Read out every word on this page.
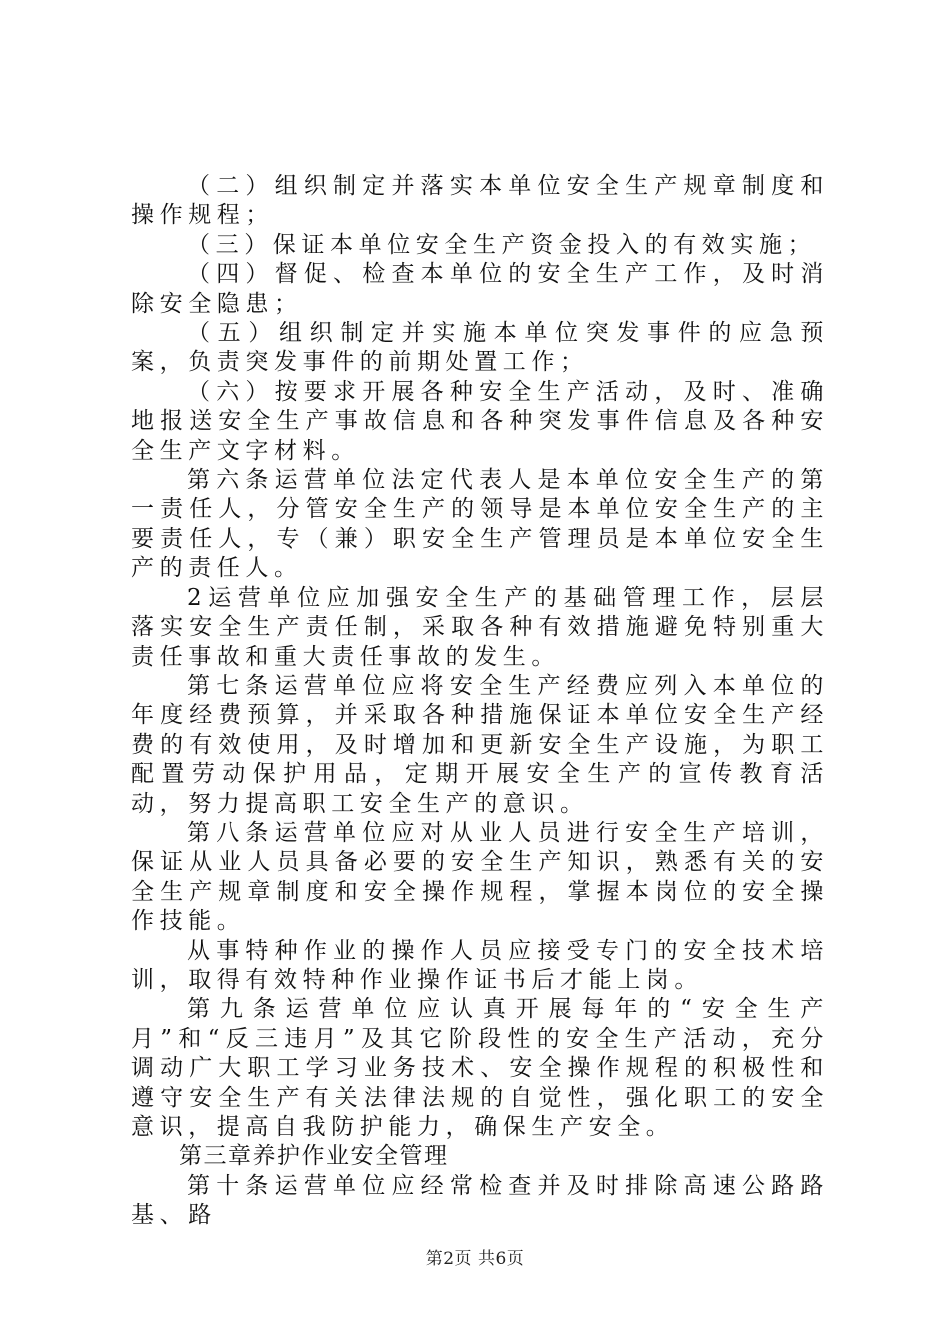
（二）组织制定并落实本单位安全生产规章制度和操作规程；

（三）保证本单位安全生产资金投入的有效实施；

（四）督促、检查本单位的安全生产工作，及时消除安全隐患；

（五）组织制定并实施本单位突发事件的应急预案，负责突发事件的前期处置工作；

（六）按要求开展各种安全生产活动，及时、准确地报送安全生产事故信息和各种突发事件信息及各种安全生产文字材料。

第六条运营单位法定代表人是本单位安全生产的第一责任人，分管安全生产的领导是本单位安全生产的主要责任人，专（兼）职安全生产管理员是本单位安全生产的责任人。

2运营单位应加强安全生产的基础管理工作，层层落实安全生产责任制，采取各种有效措施避免特别重大责任事故和重大责任事故的发生。

第七条运营单位应将安全生产经费应列入本单位的年度经费预算，并采取各种措施保证本单位安全生产经费的有效使用，及时增加和更新安全生产设施，为职工配置劳动保护用品，定期开展安全生产的宣传教育活动，努力提高职工安全生产的意识。

第八条运营单位应对从业人员进行安全生产培训，保证从业人员具备必要的安全生产知识，熟悉有关的安全生产规章制度和安全操作规程，掌握本岗位的安全操作技能。

从事特种作业的操作人员应接受专门的安全技术培训，取得有效特种作业操作证书后才能上岗。

第九条运营单位应认真开展每年的“安全生产月”和“反三违月”及其它阶段性的安全生产活动，充分调动广大职工学习业务技术、安全操作规程的积极性和遵守安全生产有关法律法规的自觉性，强化职工的安全意识，提高自我防护能力，确保生产安全。

第三章养护作业安全管理

第十条运营单位应经常检查并及时排除高速公路路基、路

第2页 共6页
